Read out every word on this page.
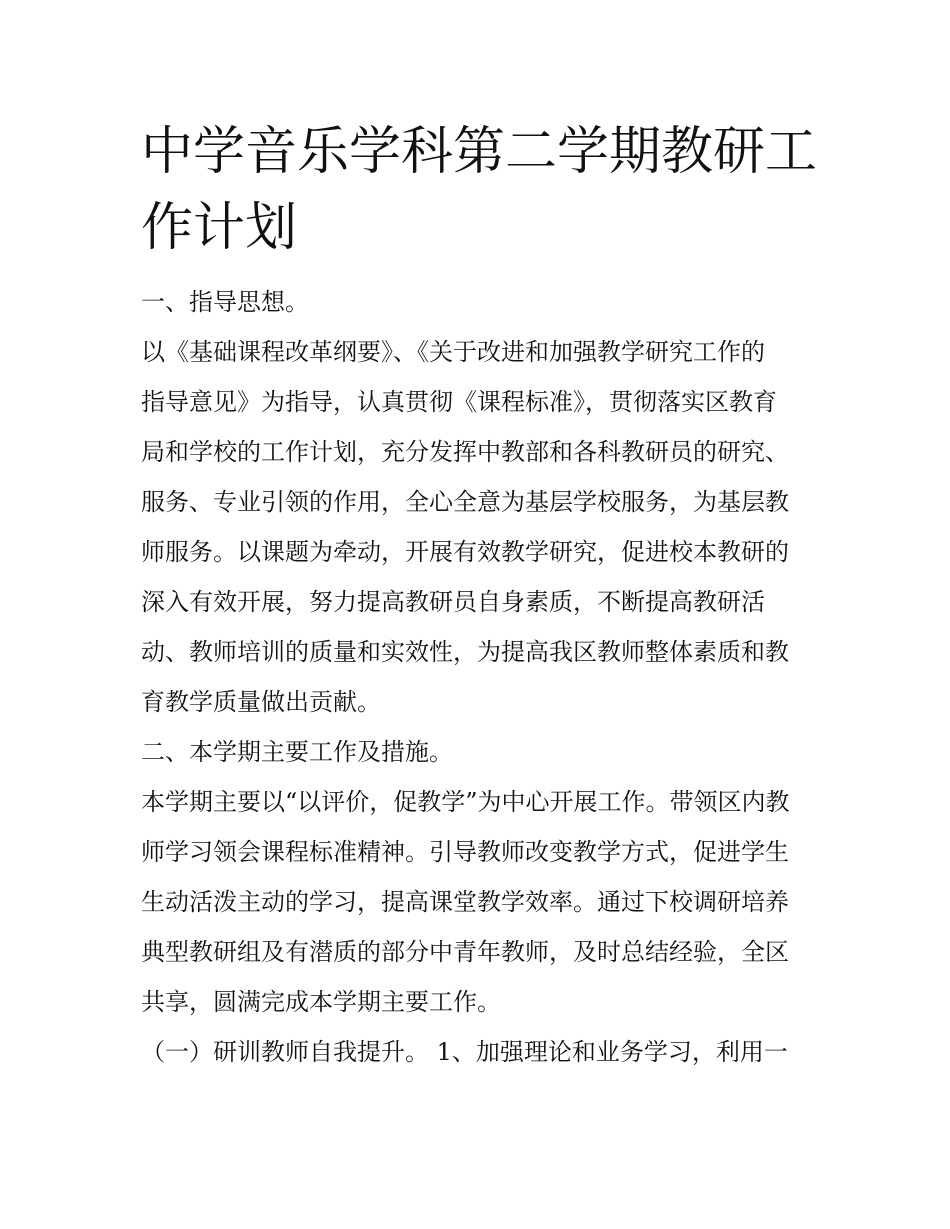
中学音乐学科第二学期教研工
作计划

一、指导思想。

以《基础课程改革纲要》、《关于改进和加强教学研究工作的

指导意见》为指导，认真贯彻《课程标准》，贯彻落实区教育

局和学校的工作计划，充分发挥中教部和各科教研员的研究、

服务、专业引领的作用，全心全意为基层学校服务，为基层教

师服务。以课题为牵动，开展有效教学研究，促进校本教研的

深入有效开展，努力提高教研员自身素质，不断提高教研活

动、教师培训的质量和实效性，为提高我区教师整体素质和教

育教学质量做出贡献。

二、本学期主要工作及措施。

本学期主要以“以评价，促教学”为中心开展工作。带领区内教

师学习领会课程标准精神。引导教师改变教学方式，促进学生

生动活泼主动的学习，提高课堂教学效率。通过下校调研培养

典型教研组及有潜质的部分中青年教师，及时总结经验，全区

共享，圆满完成本学期主要工作。

（一）研训教师自我提升。 1、加强理论和业务学习，利用一
